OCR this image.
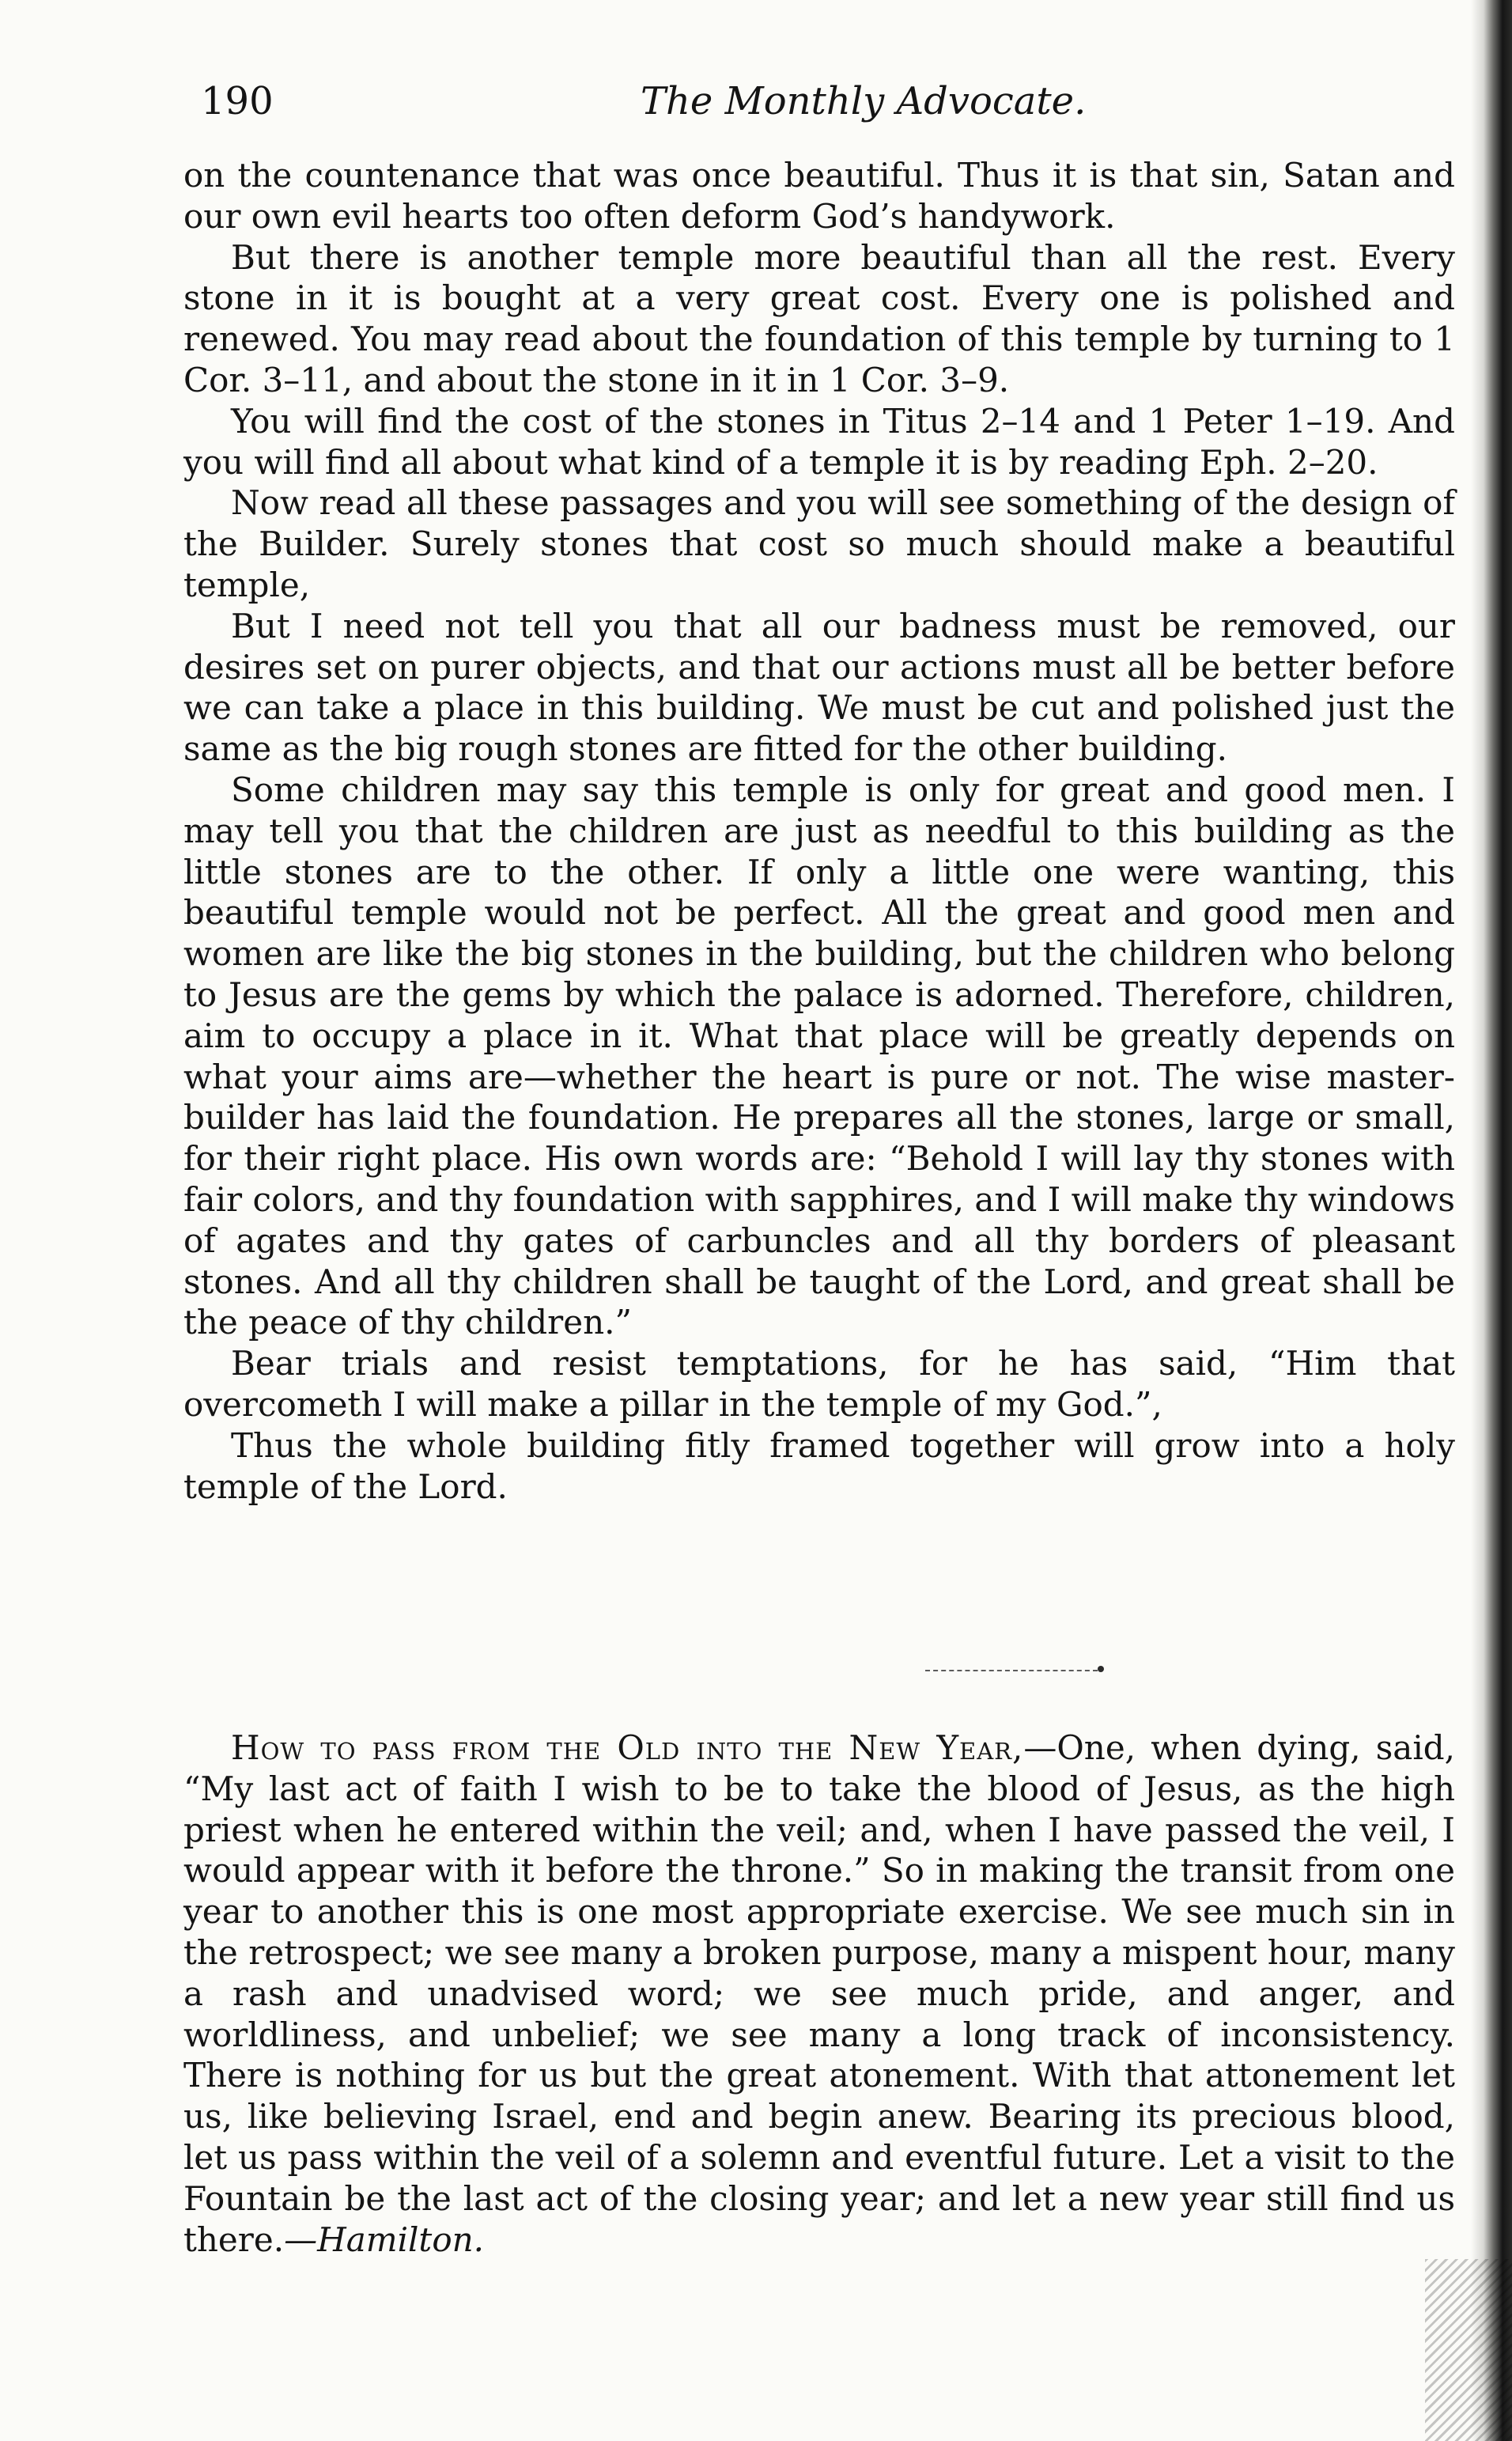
190	The Monthly Advocate.

on the countenance that was once beautiful. Thus it is that sin, Satan and our own evil hearts too often deform God’s handywork.

But there is another temple more beautiful than all the rest. Every stone in it is bought at a very great cost. Every one is polished and renewed. You may read about the foundation of this temple by turning to 1 Cor. 3–11, and about the stone in it in 1 Cor. 3–9.

You will find the cost of the stones in Titus 2–14 and 1 Peter 1–19. And you will find all about what kind of a temple it is by reading Eph. 2–20.

Now read all these passages and you will see something of the design of the Builder. Surely stones that cost so much should make a beautiful temple,

But I need not tell you that all our badness must be removed, our desires set on purer objects, and that our actions must all be better before we can take a place in this building. We must be cut and polished just the same as the big rough stones are fitted for the other building.

Some children may say this temple is only for great and good men. I may tell you that the children are just as needful to this building as the little stones are to the other. If only a little one were wanting, this beautiful temple would not be perfect. All the great and good men and women are like the big stones in the building, but the children who belong to Jesus are the gems by which the palace is adorned. Therefore, children, aim to occupy a place in it. What that place will be greatly depends on what your aims are—whether the heart is pure or not. The wise master-builder has laid the foundation. He prepares all the stones, large or small, for their right place. His own words are: “Behold I will lay thy stones with fair colors, and thy foundation with sapphires, and I will make thy windows of agates and thy gates of carbuncles and all thy borders of pleasant stones. And all thy children shall be taught of the Lord, and great shall be the peace of thy children.”

Bear trials and resist temptations, for he has said, “Him that overcometh I will make a pillar in the temple of my God.”,

Thus the whole building fitly framed together will grow into a holy temple of the Lord.

How to pass from the Old into the New Year,—One, when dying, said, “My last act of faith I wish to be to take the blood of Jesus, as the high priest when he entered within the veil; and, when I have passed the veil, I would appear with it before the throne.” So in making the transit from one year to another this is one most appropriate exercise. We see much sin in the retrospect; we see many a broken purpose, many a mispent hour, many a rash and unadvised word; we see much pride, and anger, and worldliness, and unbelief; we see many a long track of inconsistency. There is nothing for us but the great atonement. With that attonement let us, like believing Israel, end and begin anew. Bearing its precious blood, let us pass within the veil of a solemn and eventful future. Let a visit to the Fountain be the last act of the closing year; and let a new year still find us there.—Hamilton.
